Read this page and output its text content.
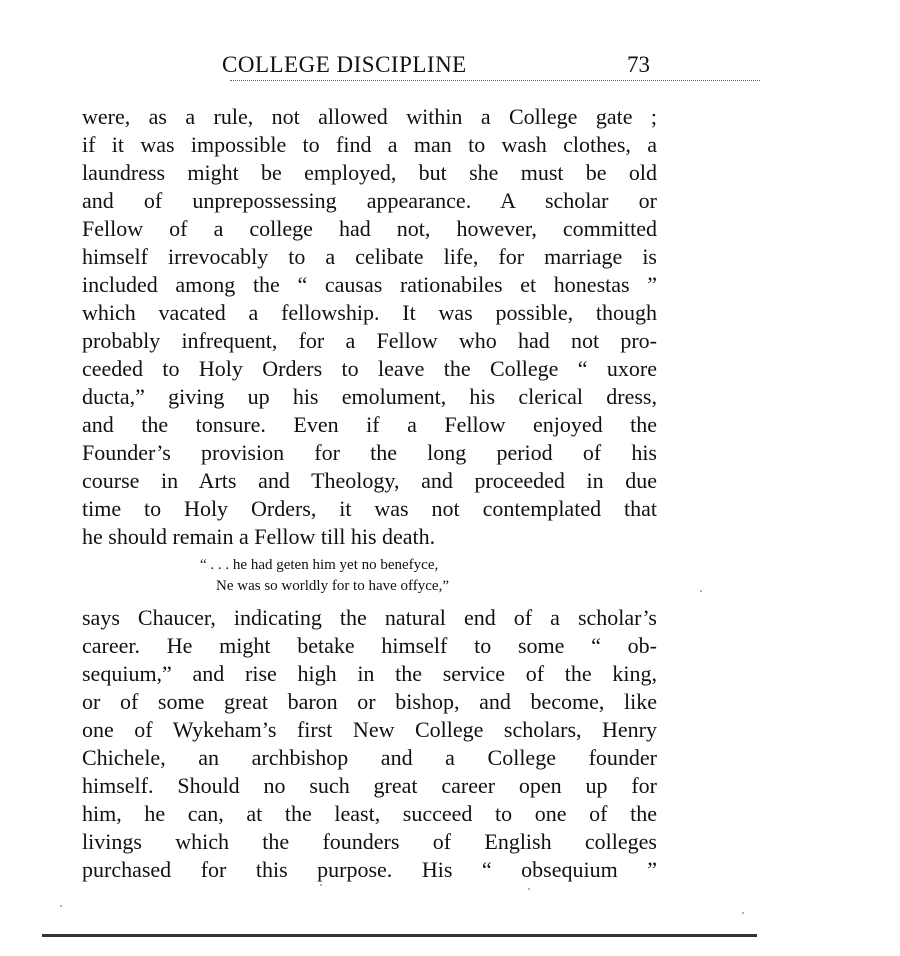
COLLEGE DISCIPLINE	73
were, as a rule, not allowed within a College gate ;
if it was impossible to find a man to wash clothes, a
laundress might be employed, but she must be old
and of unprepossessing appearance. A scholar or
Fellow of a college had not, however, committed
himself irrevocably to a celibate life, for marriage is
included among the “ causas rationabiles et honestas ”
which vacated a fellowship. It was possible, though
probably infrequent, for a Fellow who had not pro-
ceeded to Holy Orders to leave the College “ uxore
ducta,” giving up his emolument, his clerical dress,
and the tonsure. Even if a Fellow enjoyed the
Founder’s provision for the long period of his
course in Arts and Theology, and proceeded in due
time to Holy Orders, it was not contemplated that
he should remain a Fellow till his death.
“ . . . he had geten him yet no benefyce,
Ne was so worldly for to have offyce,”
says Chaucer, indicating the natural end of a scholar’s
career. He might betake himself to some “ ob-
sequium,” and rise high in the service of the king,
or of some great baron or bishop, and become, like
one of Wykeham’s first New College scholars, Henry
Chichele, an archbishop and a College founder
himself. Should no such great career open up for
him, he can, at the least, succeed to one of the
livings which the founders of English colleges
purchased for this purpose. His “ obsequium ”
